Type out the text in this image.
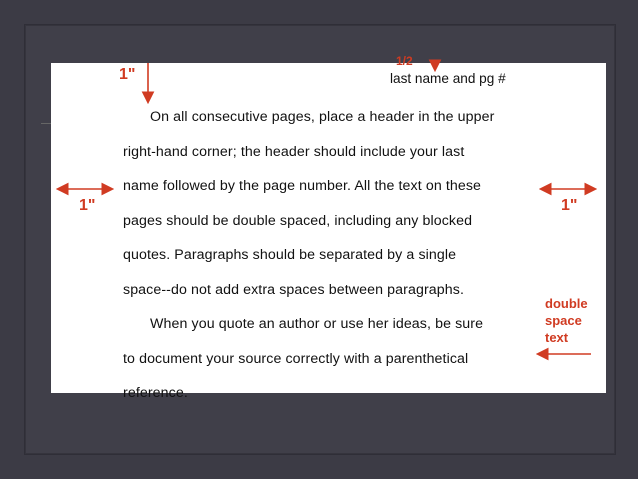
1/2
last name and pg #
1"
1"	1"
double
space
text
On all consecutive pages, place a header in the upper
right-hand corner; the header should include your last
name followed by the page number. All the text on these
pages should be double spaced, including any blocked
quotes. Paragraphs should be separated by a single
space--do not add extra spaces between paragraphs.
When you quote an author or use her ideas, be sure
to document your source correctly with a parenthetical
reference.
